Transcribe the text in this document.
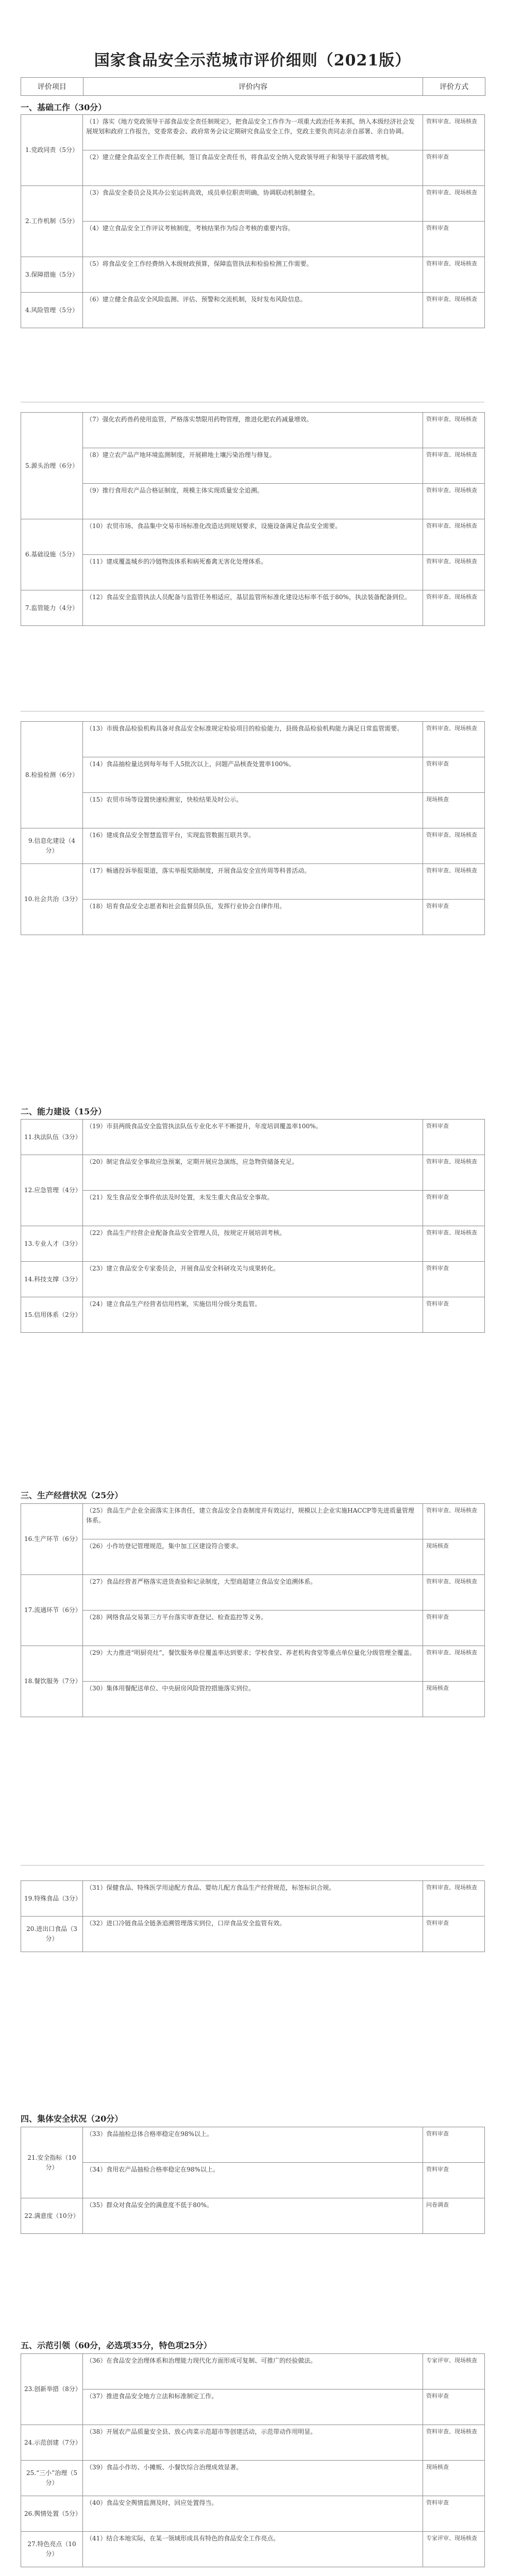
国家食品安全示范城市评价细则（2021版）
评价项目	评价内容	评价方式
一、基础工作（30分）
1.党政同责（5分）	（1）落实《地方党政领导干部食品安全责任制规定》，把食品安全工作作为一项重大政治任务来抓，纳入本级经济社会发展规划和政府工作报告，党委常委会、政府常务会议定期研究食品安全工作，党政主要负责同志亲自部署、亲自协调。	资料审查、现场核查
	（2）建立健全食品安全工作责任制，签订食品安全责任书，将食品安全纳入党政领导班子和领导干部政绩考核。	资料审查
2.工作机制（5分）	（3）食品安全委员会及其办公室运转高效，成员单位职责明确，协调联动机制健全。	资料审查、现场核查
	（4）建立食品安全工作评议考核制度，考核结果作为综合考核的重要内容。	资料审查
3.保障措施（5分）	（5）将食品安全工作经费纳入本级财政预算，保障监管执法和检验检测工作需要。	资料审查、现场核查
4.风险管理（5分）	（6）建立健全食品安全风险监测、评估、预警和交流机制，及时发布风险信息。	资料审查、现场核查
5.源头治理（6分）	（7）强化农药兽药使用监管，严格落实禁限用药物管理，推进化肥农药减量增效。	资料审查、现场核查
	（8）建立农产品产地环境监测制度，开展耕地土壤污染治理与修复。	资料审查、现场核查
	（9）推行食用农产品合格证制度，规模主体实现质量安全追溯。	资料审查、现场核查
6.基础设施（5分）	（10）农贸市场、食品集中交易市场标准化改造达到规划要求，设施设备满足食品安全需要。	资料审查、现场核查
	（11）建成覆盖城乡的冷链物流体系和病死畜禽无害化处理体系。	资料审查、现场核查
7.监管能力（4分）	（12）食品安全监管执法人员配备与监管任务相适应，基层监管所标准化建设达标率不低于80%，执法装备配备到位。	资料审查、现场核查
8.检验检测（6分）	（13）市级食品检验机构具备对食品安全标准规定检验项目的检验能力，县级食品检验机构能力满足日常监管需要。	资料审查、现场核查
	（14）食品抽检量达到每年每千人5批次以上，问题产品核查处置率100%。	资料审查
	（15）农贸市场等设置快速检测室，快检结果及时公示。	现场核查
9.信息化建设（4分）	（16）建成食品安全智慧监管平台，实现监管数据互联共享。	资料审查、现场核查
10.社会共治（3分）	（17）畅通投诉举报渠道，落实举报奖励制度，开展食品安全宣传周等科普活动。	资料审查、现场核查
	（18）培育食品安全志愿者和社会监督员队伍，发挥行业协会自律作用。	资料审查
二、能力建设（15分）
11.执法队伍（3分）	（19）市县两级食品安全监管执法队伍专业化水平不断提升，年度培训覆盖率100%。	资料审查
12.应急管理（4分）	（20）制定食品安全事故应急预案，定期开展应急演练，应急物资储备充足。	资料审查、现场核查
	（21）发生食品安全事件依法及时处置，未发生重大食品安全事故。	资料审查
13.专业人才（3分）	（22）食品生产经营企业配备食品安全管理人员，按规定开展培训考核。	资料审查、现场核查
14.科技支撑（3分）	（23）建立食品安全专家委员会，开展食品安全科研攻关与成果转化。	资料审查
15.信用体系（2分）	（24）建立食品生产经营者信用档案，实施信用分级分类监管。	资料审查
三、生产经营状况（25分）
16.生产环节（6分）	（25）食品生产企业全面落实主体责任，建立食品安全自查制度并有效运行，规模以上企业实施HACCP等先进质量管理体系。	资料审查、现场核查
	（26）小作坊登记管理规范，集中加工区建设符合要求。	现场核查
17.流通环节（6分）	（27）食品经营者严格落实进货查验和记录制度，大型商超建立食品安全追溯体系。	资料审查、现场核查
	（28）网络食品交易第三方平台落实审查登记、检查监控等义务。	资料审查
18.餐饮服务（7分）	（29）大力推进“明厨亮灶”，餐饮服务单位覆盖率达到要求；学校食堂、养老机构食堂等重点单位量化分级管理全覆盖。	资料审查、现场核查
	（30）集体用餐配送单位、中央厨房风险管控措施落实到位。	现场核查
19.特殊食品（3分）	（31）保健食品、特殊医学用途配方食品、婴幼儿配方食品生产经营规范，标签标识合规。	资料审查、现场核查
20.进出口食品（3分）	（32）进口冷链食品全链条追溯管理落实到位，口岸食品安全监管有效。	资料审查
四、集体安全状况（20分）
21.安全指标（10分）	（33）食品抽检总体合格率稳定在98%以上。	资料审查
	（34）食用农产品抽检合格率稳定在98%以上。	资料审查
22.满意度（10分）	（35）群众对食品安全的满意度不低于80%。	问卷调查
五、示范引领（60分，必选项35分，特色项25分）
23.创新举措（8分）	（36）在食品安全治理体系和治理能力现代化方面形成可复制、可推广的经验做法。	专家评审、现场核查
	（37）推进食品安全地方立法和标准制定工作。	资料审查
24.示范创建（7分）	（38）开展农产品质量安全县、放心肉菜示范超市等创建活动，示范带动作用明显。	资料审查、现场核查
25.“三小”治理（5分）	（39）食品小作坊、小摊贩、小餐饮综合治理成效显著。	现场核查
26.舆情处置（5分）	（40）食品安全舆情监测及时，回应处置得当。	资料审查
27.特色亮点（10分）	（41）结合本地实际，在某一领域形成具有特色的食品安全工作亮点。	专家评审、现场核查
